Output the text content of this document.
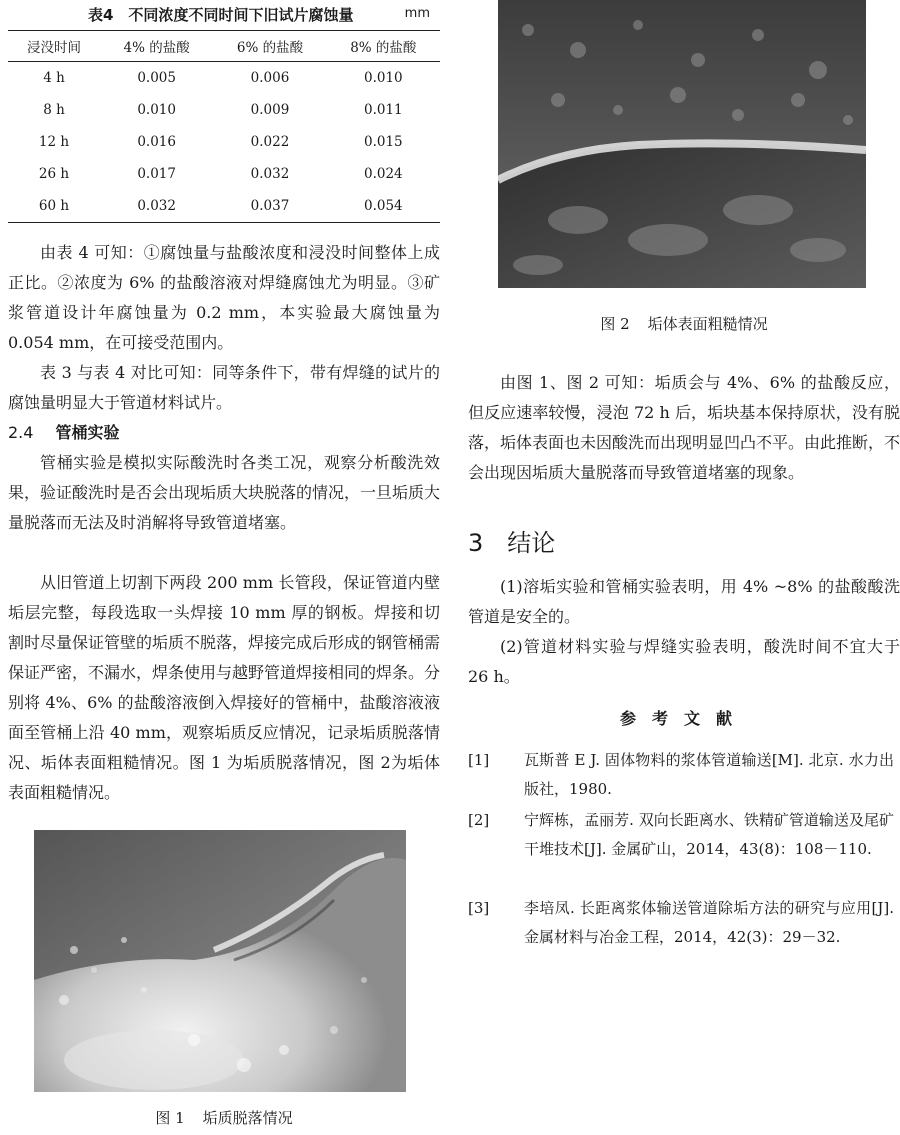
表4　不同浓度不同时间下旧试片腐蚀量	mm
浸没时间	4% 的盐酸	6% 的盐酸	8% 的盐酸
4 h	0.005	0.006	0.010
8 h	0.010	0.009	0.011
12 h	0.016	0.022	0.015
26 h	0.017	0.032	0.024
60 h	0.032	0.037	0.054

由表 4 可知：①腐蚀量与盐酸浓度和浸没时间整体上成正比。②浓度为 6% 的盐酸溶液对焊缝腐蚀尤为明显。③矿浆管道设计年腐蚀量为 0.2 mm，本实验最大腐蚀量为 0.054 mm，在可接受范围内。

表 3 与表 4 对比可知：同等条件下，带有焊缝的试片的腐蚀量明显大于管道材料试片。

2.4 管桶实验

管桶实验是模拟实际酸洗时各类工况，观察分析酸洗效果，验证酸洗时是否会出现垢质大块脱落的情况，一旦垢质大量脱落而无法及时消解将导致管道堵塞。

从旧管道上切割下两段 200 mm 长管段，保证管道内壁垢层完整，每段选取一头焊接 10 mm 厚的钢板。焊接和切割时尽量保证管壁的垢质不脱落，焊接完成后形成的钢管桶需保证严密，不漏水，焊条使用与越野管道焊接相同的焊条。分别将 4%、6% 的盐酸溶液倒入焊接好的管桶中，盐酸溶液液面至管桶上沿 40 mm，观察垢质反应情况，记录垢质脱落情况、垢体表面粗糙情况。图 1 为垢质脱落情况，图 2为垢体表面粗糙情况。

图 1 垢质脱落情况
图 2 垢体表面粗糙情况

由图 1、图 2 可知：垢质会与 4%、6% 的盐酸反应，但反应速率较慢，浸泡 72 h 后，垢块基本保持原状，没有脱落，垢体表面也未因酸洗而出现明显凹凸不平。由此推断，不会出现因垢质大量脱落而导致管道堵塞的现象。

3 结论

(1)溶垢实验和管桶实验表明，用 4% ~8% 的盐酸酸洗管道是安全的。

(2)管道材料实验与焊缝实验表明，酸洗时间不宜大于 26 h。

参考文献
[1]	瓦斯普 E J. 固体物料的浆体管道输送[M]. 北京. 水力出版社，1980.
[2]	宁辉栋，孟丽芳. 双向长距离水、铁精矿管道输送及尾矿干堆技术[J]. 金属矿山，2014，43(8)：108－110.
[3]	李培凤. 长距离浆体输送管道除垢方法的研究与应用[J]. 金属材料与冶金工程，2014，42(3)：29－32.
